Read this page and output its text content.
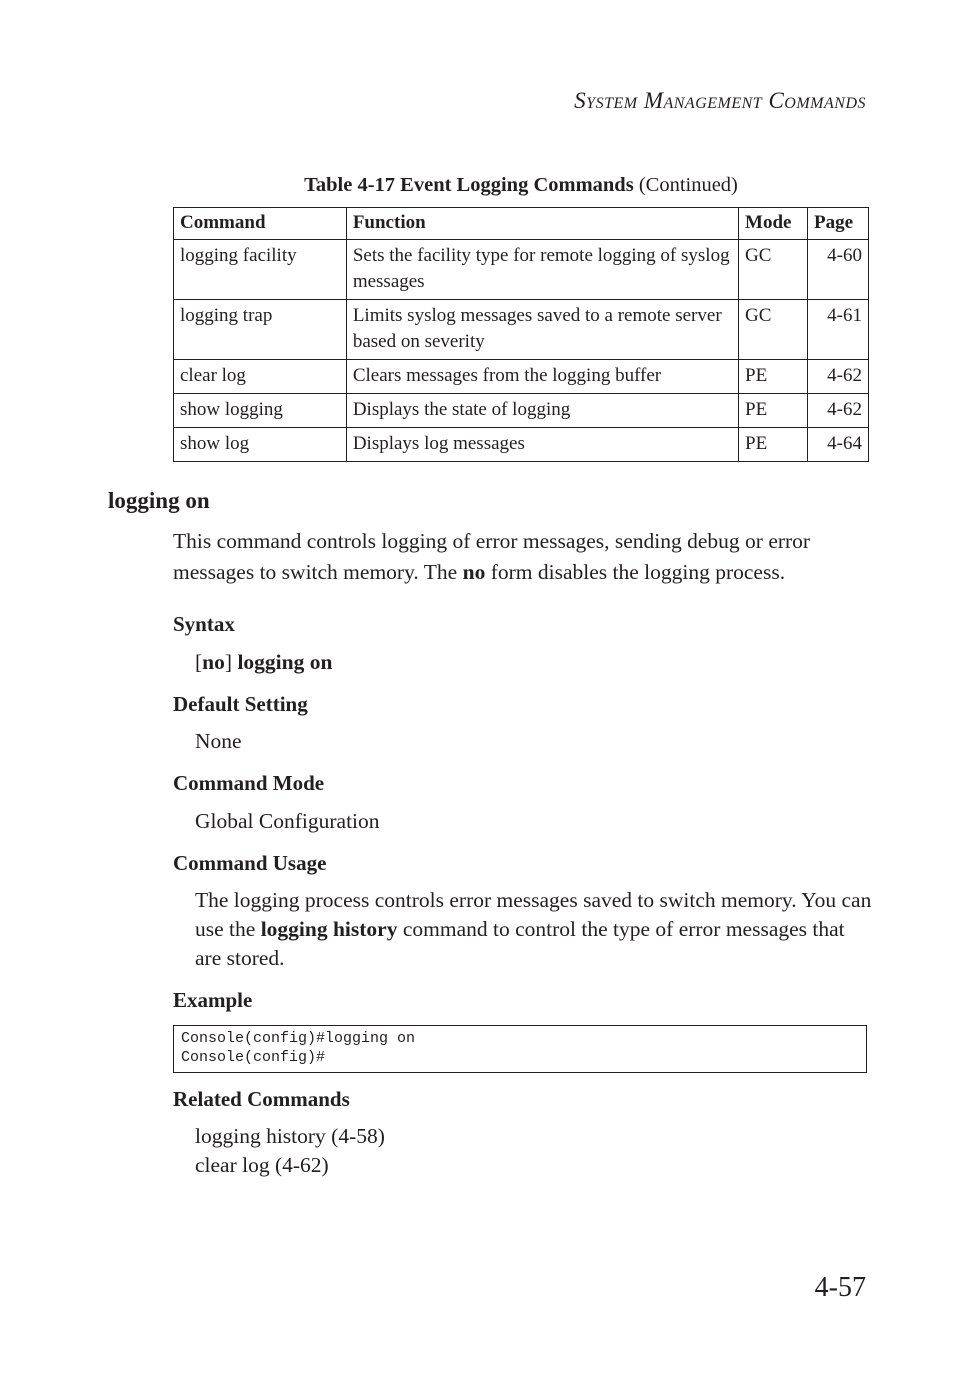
System Management Commands
Table 4-17 Event Logging Commands (Continued)
Command	Function	Mode	Page
logging facility	Sets the facility type for remote logging of syslog messages	GC	4-60
logging trap	Limits syslog messages saved to a remote server based on severity	GC	4-61
clear log	Clears messages from the logging buffer	PE	4-62
show logging	Displays the state of logging	PE	4-62
show log	Displays log messages	PE	4-64
logging on
This command controls logging of error messages, sending debug or error messages to switch memory. The no form disables the logging process.
Syntax
[no] logging on
Default Setting
None
Command Mode
Global Configuration
Command Usage
The logging process controls error messages saved to switch memory. You can use the logging history command to control the type of error messages that are stored.
Example
Console(config)#logging on
Console(config)#
Related Commands
logging history (4-58)
clear log (4-62)
4-57
